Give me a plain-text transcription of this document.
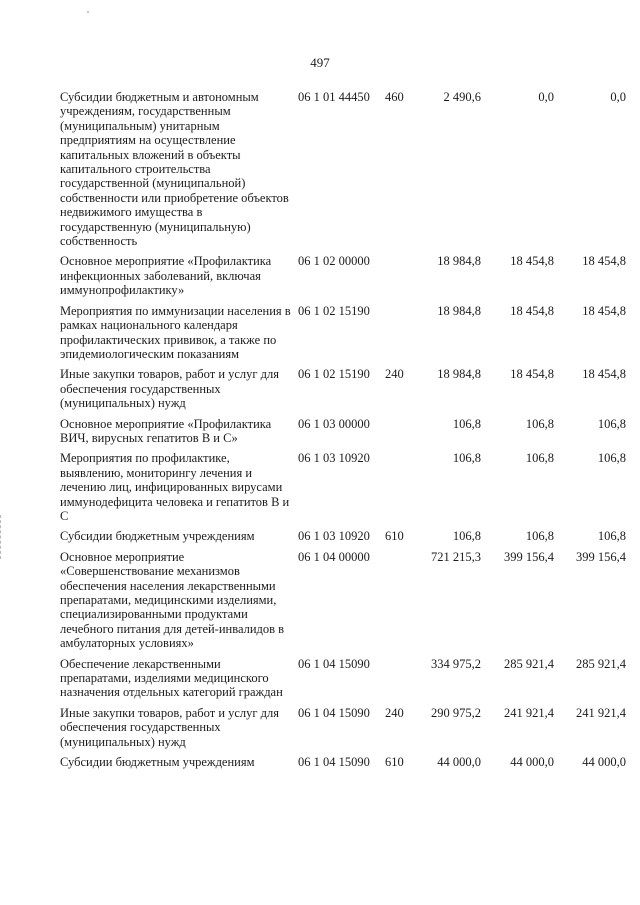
497
Субсидии бюджетным и автономным учреждениям, государственным (муниципальным) унитарным предприятиям на осуществление капитальных вложений в объекты капитального строительства государственной (муниципальной) собственности или приобретение объектов недвижимого имущества в государственную (муниципальную) собственность	06 1 01 44450	460	2 490,6	0,0	0,0
Основное мероприятие «Профилактика инфекционных заболеваний, включая иммунопрофилактику»	06 1 02 00000		18 984,8	18 454,8	18 454,8
Мероприятия по иммунизации населения в рамках национального календаря профилактических прививок, а также по эпидемиологическим показаниям	06 1 02 15190		18 984,8	18 454,8	18 454,8
Иные закупки товаров, работ и услуг для обеспечения государственных (муниципальных) нужд	06 1 02 15190	240	18 984,8	18 454,8	18 454,8
Основное мероприятие «Профилактика ВИЧ, вирусных гепатитов В и С»	06 1 03 00000		106,8	106,8	106,8
Мероприятия по профилактике, выявлению, мониторингу лечения и лечению лиц, инфицированных вирусами иммунодефицита человека и гепатитов В и С	06 1 03 10920		106,8	106,8	106,8
Субсидии бюджетным учреждениям	06 1 03 10920	610	106,8	106,8	106,8
Основное мероприятие «Совершенствование механизмов обеспечения населения лекарственными препаратами, медицинскими изделиями, специализированными продуктами лечебного питания для детей-инвалидов в амбулаторных условиях»	06 1 04 00000		721 215,3	399 156,4	399 156,4
Обеспечение лекарственными препаратами, изделиями медицинского назначения отдельных категорий граждан	06 1 04 15090		334 975,2	285 921,4	285 921,4
Иные закупки товаров, работ и услуг для обеспечения государственных (муниципальных) нужд	06 1 04 15090	240	290 975,2	241 921,4	241 921,4
Субсидии бюджетным учреждениям	06 1 04 15090	610	44 000,0	44 000,0	44 000,0
